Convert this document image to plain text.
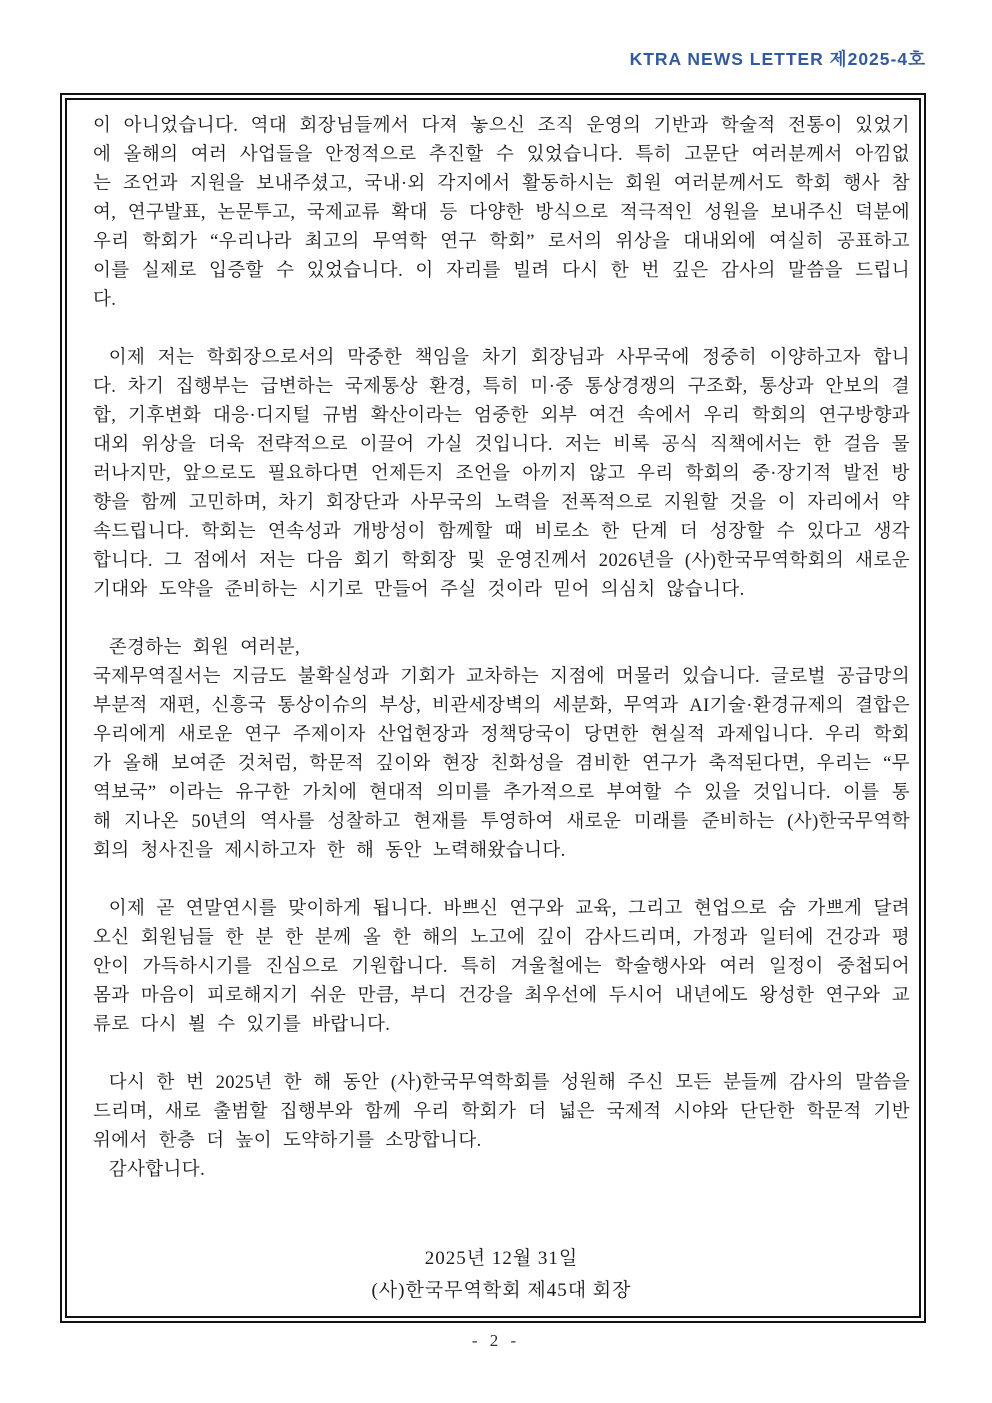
KTRA NEWS LETTER 제2025-4호

이 아니었습니다. 역대 회장님들께서 다져 놓으신 조직 운영의 기반과 학술적 전통이 있었기에 올해의 여러 사업들을 안정적으로 추진할 수 있었습니다. 특히 고문단 여러분께서 아낌없는 조언과 지원을 보내주셨고, 국내·외 각지에서 활동하시는 회원 여러분께서도 학회 행사 참여, 연구발표, 논문투고, 국제교류 확대 등 다양한 방식으로 적극적인 성원을 보내주신 덕분에 우리 학회가 “우리나라 최고의 무역학 연구 학회” 로서의 위상을 대내외에 여실히 공표하고 이를 실제로 입증할 수 있었습니다. 이 자리를 빌려 다시 한 번 깊은 감사의 말씀을 드립니다.

이제 저는 학회장으로서의 막중한 책임을 차기 회장님과 사무국에 정중히 이양하고자 합니다. 차기 집행부는 급변하는 국제통상 환경, 특히 미·중 통상경쟁의 구조화, 통상과 안보의 결합, 기후변화 대응·디지털 규범 확산이라는 엄중한 외부 여건 속에서 우리 학회의 연구방향과 대외 위상을 더욱 전략적으로 이끌어 가실 것입니다. 저는 비록 공식 직책에서는 한 걸음 물러나지만, 앞으로도 필요하다면 언제든지 조언을 아끼지 않고 우리 학회의 중·장기적 발전 방향을 함께 고민하며, 차기 회장단과 사무국의 노력을 전폭적으로 지원할 것을 이 자리에서 약속드립니다. 학회는 연속성과 개방성이 함께할 때 비로소 한 단계 더 성장할 수 있다고 생각합니다. 그 점에서 저는 다음 회기 학회장 및 운영진께서 2026년을 (사)한국무역학회의 새로운 기대와 도약을 준비하는 시기로 만들어 주실 것이라 믿어 의심치 않습니다.

존경하는 회원 여러분,

국제무역질서는 지금도 불확실성과 기회가 교차하는 지점에 머물러 있습니다. 글로벌 공급망의 부분적 재편, 신흥국 통상이슈의 부상, 비관세장벽의 세분화, 무역과 AI기술·환경규제의 결합은 우리에게 새로운 연구 주제이자 산업현장과 정책당국이 당면한 현실적 과제입니다. 우리 학회가 올해 보여준 것처럼, 학문적 깊이와 현장 친화성을 겸비한 연구가 축적된다면, 우리는 “무역보국” 이라는 유구한 가치에 현대적 의미를 추가적으로 부여할 수 있을 것입니다. 이를 통해 지나온 50년의 역사를 성찰하고 현재를 투영하여 새로운 미래를 준비하는 (사)한국무역학회의 청사진을 제시하고자 한 해 동안 노력해왔습니다.

이제 곧 연말연시를 맞이하게 됩니다. 바쁘신 연구와 교육, 그리고 현업으로 숨 가쁘게 달려오신 회원님들 한 분 한 분께 올 한 해의 노고에 깊이 감사드리며, 가정과 일터에 건강과 평안이 가득하시기를 진심으로 기원합니다. 특히 겨울철에는 학술행사와 여러 일정이 중첩되어 몸과 마음이 피로해지기 쉬운 만큼, 부디 건강을 최우선에 두시어 내년에도 왕성한 연구와 교류로 다시 뵐 수 있기를 바랍니다.

다시 한 번 2025년 한 해 동안 (사)한국무역학회를 성원해 주신 모든 분들께 감사의 말씀을 드리며, 새로 출범할 집행부와 함께 우리 학회가 더 넓은 국제적 시야와 단단한 학문적 기반 위에서 한층 더 높이 도약하기를 소망합니다.

감사합니다.

2025년 12월 31일
(사)한국무역학회 제45대 회장
- 2 -
